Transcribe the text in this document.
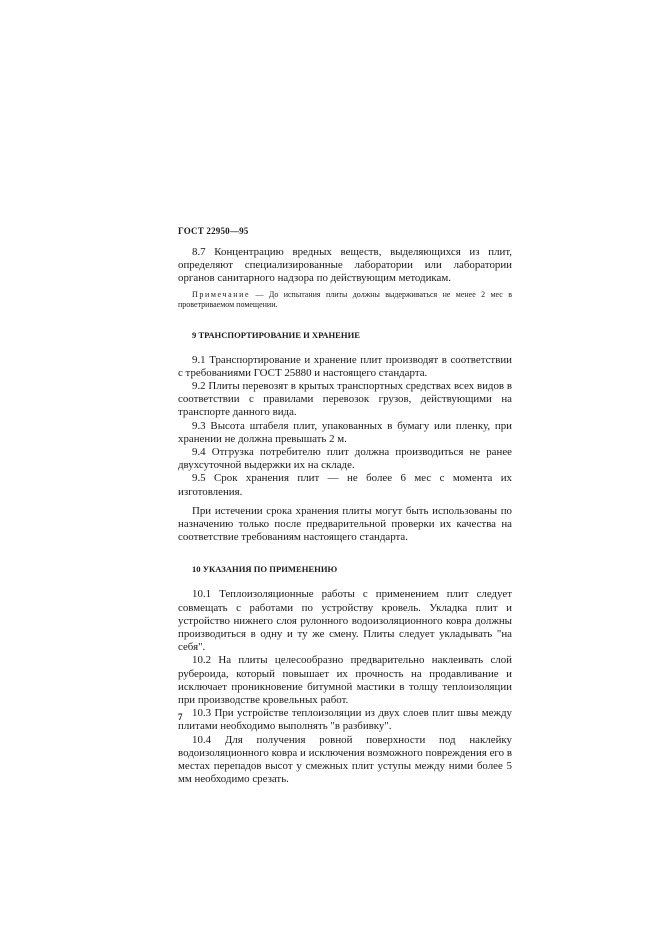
ГОСТ 22950—95

8.7 Концентрацию вредных веществ, выделяющихся из плит, определяют специализированные лаборатории или лаборатории органов санитарного надзора по действующим методикам.

Примечание — До испытания плиты должны выдерживаться не менее 2 мес в проветриваемом помещении.

9 ТРАНСПОРТИРОВАНИЕ И ХРАНЕНИЕ

9.1 Транспортирование и хранение плит производят в соответствии с требованиями ГОСТ 25880 и настоящего стандарта.

9.2 Плиты перевозят в крытых транспортных средствах всех видов в соответствии с правилами перевозок грузов, действующими на транспорте данного вида.

9.3 Высота штабеля плит, упакованных в бумагу или пленку, при хранении не должна превышать 2 м.

9.4 Отгрузка потребителю плит должна производиться не ранее двухсуточной выдержки их на складе.

9.5 Срок хранения плит — не более 6 мес с момента их изготовления.

При истечении срока хранения плиты могут быть использованы по назначению только после предварительной проверки их качества на соответствие требованиям настоящего стандарта.

10 УКАЗАНИЯ ПО ПРИМЕНЕНИЮ

10.1 Теплоизоляционные работы с применением плит следует совмещать с работами по устройству кровель. Укладка плит и устройство нижнего слоя рулонного водоизоляционного ковра должны производиться в одну и ту же смену. Плиты следует укладывать "на себя".

10.2 На плиты целесообразно предварительно наклеивать слой рубероида, который повышает их прочность на продавливание и исключает проникновение битумной мастики в толщу теплоизоляции при производстве кровельных работ.

10.3 При устройстве теплоизоляции из двух слоев плит швы между плитами необходимо выполнять "в разбивку".

10.4 Для получения ровной поверхности под наклейку водоизоляционного ковра и исключения возможного повреждения его в местах перепадов высот у смежных плит уступы между ними более 5 мм необходимо срезать.

7
